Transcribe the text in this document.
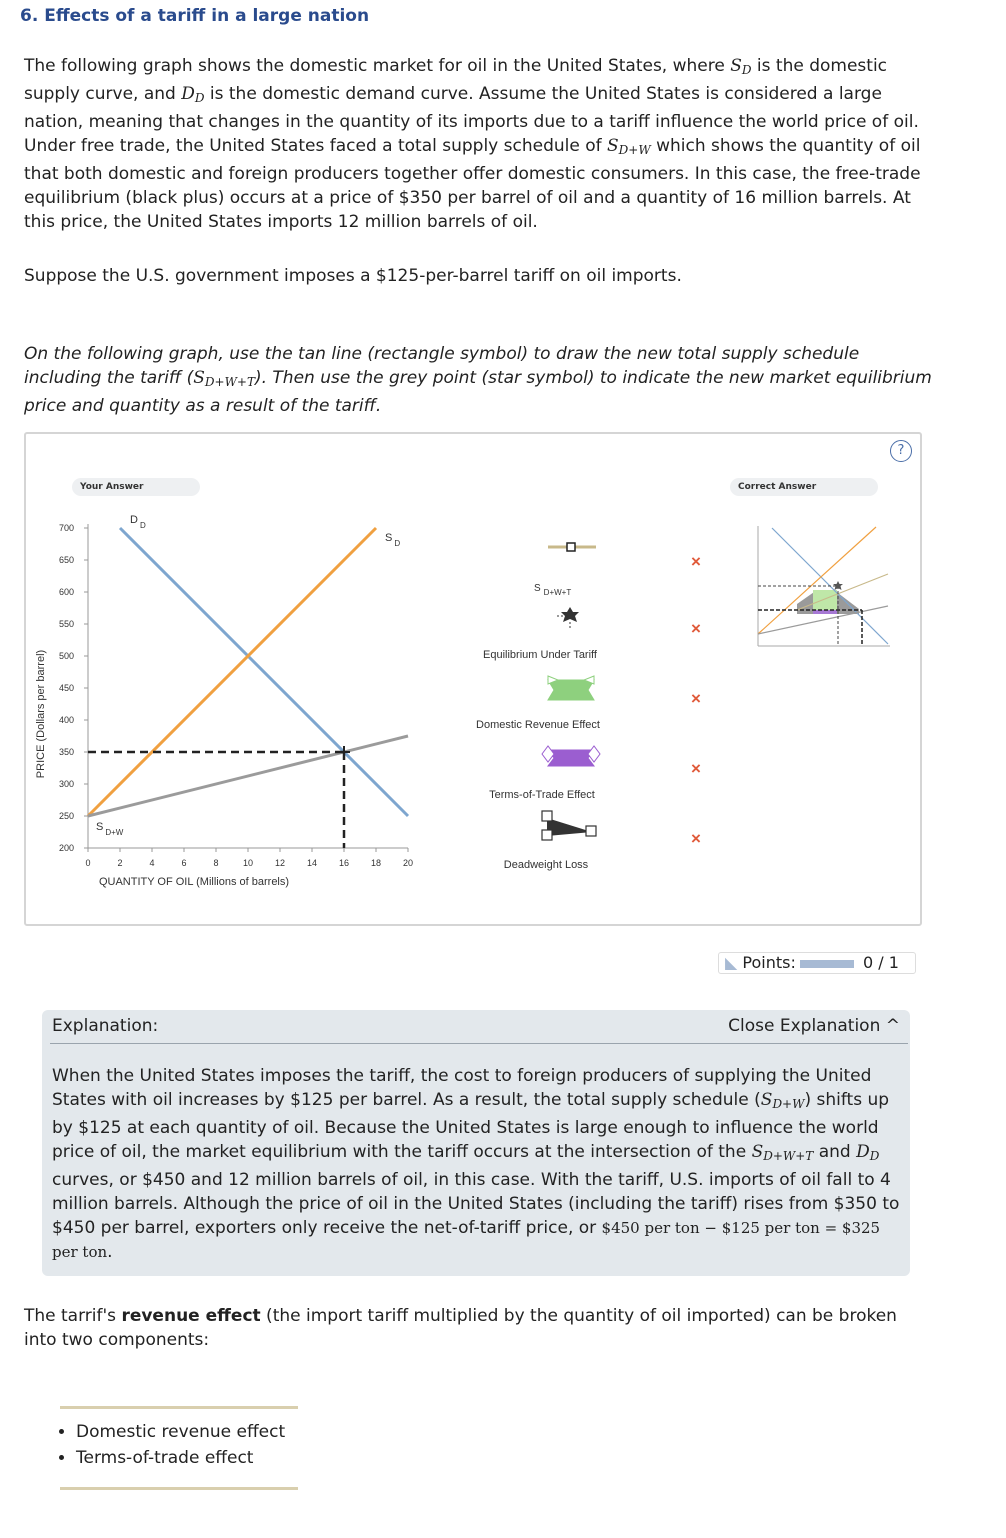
6. Effects of a tariff in a large nation

The following graph shows the domestic market for oil in the United States, where $S_D$ is the domestic supply curve, and $D_D$ is the domestic demand curve. Assume the United States is considered a large nation, meaning that changes in the quantity of its imports due to a tariff influence the world price of oil. Under free trade, the United States faced a total supply schedule of $S_{D+W}$ which shows the quantity of oil that both domestic and foreign producers together offer domestic consumers. In this case, the free-trade equilibrium (black plus) occurs at a price of $350 per barrel of oil and a quantity of 16 million barrels. At this price, the United States imports 12 million barrels of oil.

Suppose the U.S. government imposes a $125-per-barrel tariff on oil imports.

On the following graph, use the tan line (rectangle symbol) to draw the new total supply schedule including the tariff $(S_{D+W+T})$. Then use the grey point (star symbol) to indicate the new market equilibrium price and quantity as a result of the tariff.

Your Answer	Correct Answer
?
PRICE (Dollars per barrel)
QUANTITY OF OIL (Millions of barrels)
700
650
600
550
500
450
400
350
300
250
200
0	2	4	6	8	10 12 14 16 18 20
D $_D$
S $_D$
S $_{D+W}$
S $_{D+W+T}$
Equilibrium Under Tariff
Domestic Revenue Effect
Terms-of-Trade Effect
Deadweight Loss
×
×
×
×
×
◣ Points:	0 / 1
Explanation:	Close Explanation ^

When the United States imposes the tariff, the cost to foreign producers of supplying the United States with oil increases by $125 per barrel. As a result, the total supply schedule $(S_{D+W})$ shifts up by $125 at each quantity of oil. Because the United States is large enough to influence the world price of oil, the market equilibrium with the tariff occurs at the intersection of the $S_{D+W+T}$ and $D_D$ curves, or $450 and 12 million barrels of oil, in this case. With the tariff, U.S. imports of oil fall to 4 million barrels. Although the price of oil in the United States (including the tariff) rises from $350 to $450 per barrel, exporters only receive the net-of-tariff price, or $450 per ton − $125 per ton = $325 per ton.

The tarrif's revenue effect (the import tariff multiplied by the quantity of oil imported) can be broken into two components:

• Domestic revenue effect
• Terms-of-trade effect
